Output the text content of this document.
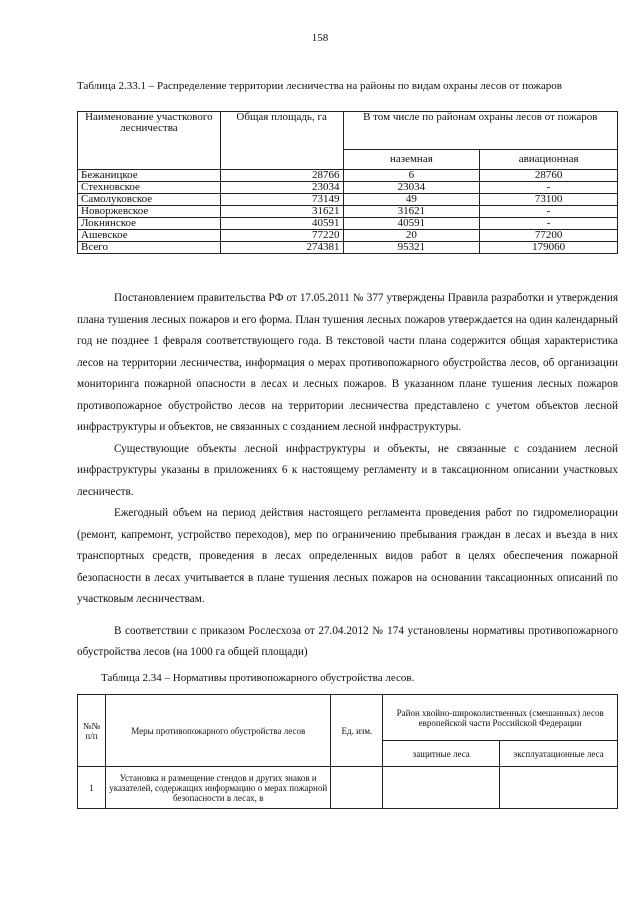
158
Таблица 2.33.1 – Распределение территории лесничества на районы по видам охраны лесов от пожаров
Наименование участкового лесничества	Общая площадь, га	В том числе по районам охраны лесов от пожаров	
		наземная	авиационная
Бежаницкое	28766	6	28760
Стехновское	23034	23034	-
Самолуковское	73149	49	73100
Новоржевское	31621	31621	-
Локнянское	40591	40591	-
Ашевское	77220	20	77200
Всего	274381	95321	179060

Постановлением правительства РФ от 17.05.2011 № 377 утверждены Правила разработки и утверждения плана тушения лесных пожаров и его форма. План тушения лесных пожаров утверждается на один календарный год не позднее 1 февраля соответствующего года. В текстовой части плана содержится общая характеристика лесов на территории лесничества, информация о мерах противопожарного обустройства лесов, об организации мониторинга пожарной опасности в лесах и лесных пожаров. В указанном плане тушения лесных пожаров противопожарное обустройство лесов на территории лесничества представлено с учетом объектов лесной инфраструктуры и объектов, не связанных с созданием лесной инфраструктуры.

Существующие объекты лесной инфраструктуры и объекты, не связанные с созданием лесной инфраструктуры указаны в приложениях 6 к настоящему регламенту и в таксационном описании участковых лесничеств.

Ежегодный объем на период действия настоящего регламента проведения работ по гидромелиорации (ремонт, капремонт, устройство переходов), мер по ограничению пребывания граждан в лесах и въезда в них транспортных средств, проведения в лесах определенных видов работ в целях обеспечения пожарной безопасности в лесах учитывается в плане тушения лесных пожаров на основании таксационных описаний по участковым лесничествам.

В соответствии с приказом Рослесхоза от 27.04.2012 № 174 установлены нормативы противопожарного обустройства лесов (на 1000 га общей площади)

Таблица 2.34 – Нормативы противопожарного обустройства лесов.
№№ п/п	Меры противопожарного обустройства лесов	Ед. изм.	Район хвойно-широколиственных (смешанных) лесов европейской части Российской Федерации	
			защитные леса	эксплуатационные леса
1	Установка и размещение стендов и других знаков и указателей, содержащих информацию о мерах пожарной безопасности в лесах, в			
